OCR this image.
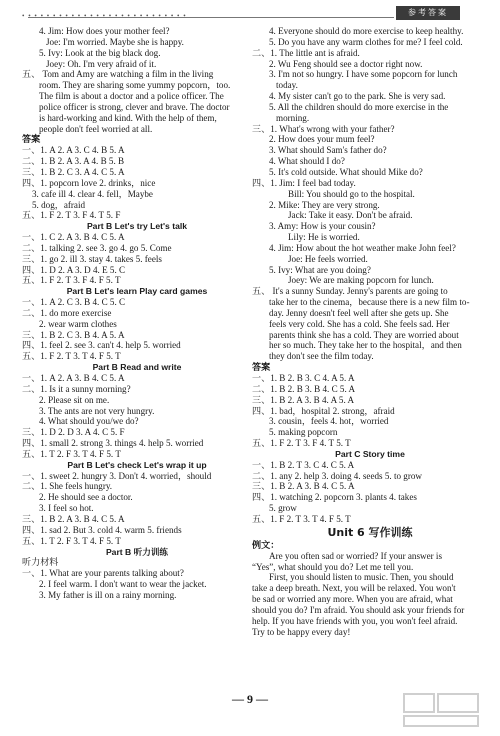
• • • • • • • • • • • • • • • • • • • • • • • • • • •	参考答案
4. Jim: How does your mother feel?
Joe: I'm worried. Maybe she is happy.
5. Ivy: Look at the big black dog.
Joey: Oh. I'm very afraid of it.
五、 Tom and Amy are watching a film in the living
room. They are sharing some yummy popcorn，too.
The film is about a doctor and a police officer. The
police officer is strong, clever and brave. The doctor
is hard-working and kind. With the help of them,
people don't feel worried at all.
答案
一、1. A 2. A 3. C 4. B 5. A
二、1. B 2. A 3. A 4. B 5. B
三、1. B 2. C 3. A 4. C 5. A
四、1. popcorn love 2. drinks，nice
3. cafe ill 4. clear 4. fell，Maybe
5. dog，afraid
五、1. F 2. T 3. F 4. T 5. F
Part B Let's try Let's talk
一、1. C 2. A 3. B 4. C 5. A
二、1. talking 2. see 3. go 4. go 5. Come
三、1. go 2. ill 3. stay 4. takes 5. feels
四、1. D 2. A 3. D 4. E 5. C
五、1. F 2. T 3. F 4. F 5. T
Part B Let's learn Play card games
一、1. A 2. C 3. B 4. C 5. C
二、1. do more exercise
2. wear warm clothes
三、1. B 2. C 3. B 4. A 5. A
四、1. feel 2. see 3. can't 4. help 5. worried
五、1. F 2. T 3. T 4. F 5. T
Part B Read and write
一、1. A 2. A 3. B 4. C 5. A
二、1. Is it a sunny morning?
2. Please sit on me.
3. The ants are not very hungry.
4. What should you/we do?
三、1. D 2. D 3. A 4. C 5. F
四、1. small 2. strong 3. things 4. help 5. worried
五、1. T 2. F 3. T 4. F 5. T
Part B Let's check Let's wrap it up
一、1. sweet 2. hungry 3. Don't 4. worried，should
二、1. She feels hungry.
2. He should see a doctor.
3. I feel so hot.
三、1. B 2. A 3. B 4. C 5. A
四、1. sad 2. But 3. cold 4. warm 5. friends
五、1. T 2. F 3. T 4. F 5. T
Part B 听力训练
听力材料
一、1. What are your parents talking about?
2. I feel warm. I don't want to wear the jacket.
3. My father is ill on a rainy morning.
4. Everyone should do more exercise to keep healthy.
5. Do you have any warm clothes for me? I feel cold.
二、1. The little ant is afraid.
2. Wu Feng should see a doctor right now.
3. I'm not so hungry. I have some popcorn for lunch
today.
4. My sister can't go to the park. She is very sad.
5. All the children should do more exercise in the
morning.
三、1. What's wrong with your father?
2. How does your mum feel?
3. What should Sam's father do?
4. What should I do?
5. It's cold outside. What should Mike do?
四、1. Jim: I feel bad today.
Bill: You should go to the hospital.
2. Mike: They are very strong.
Jack: Take it easy. Don't be afraid.
3. Amy: How is your cousin?
Lily: He is worried.
4. Jim: How about the hot weather make John feel?
Joe: He feels worried.
5. Ivy: What are you doing?
Joey: We are making popcorn for lunch.
五、 It's a sunny Sunday. Jenny's parents are going to
take her to the cinema，because there is a new film to-
day. Jenny doesn't feel well after she gets up. She
feels very cold. She has a cold. She feels sad. Her
parents think she has a cold. They are worried about
her so much. They take her to the hospital，and then
they don't see the film today.
答案
一、1. B 2. B 3. C 4. A 5. A
二、1. B 2. B 3. B 4. C 5. A
三、1. B 2. A 3. B 4. A 5. A
四、1. bad，hospital 2. strong，afraid
3. cousin，feels 4. hot，worried
5. making popcorn
五、1. F 2. T 3. F 4. T 5. T
Part C Story time
一、1. B 2. T 3. C 4. C 5. A
二、1. any 2. help 3. doing 4. seeds 5. to grow
三、1. B 2. A 3. B 4. C 5. A
四、1. watching 2. popcorn 3. plants 4. takes
5. grow
五、1. F 2. T 3. T 4. F 5. T
Unit 6 写作训练
例文：
Are you often sad or worried? If your answer is
“Yes”, what should you do? Let me tell you.
First, you should listen to music. Then, you should
take a deep breath. Next, you will be relaxed. You won't
be sad or worried any more. When you are afraid, what
should you do? I'm afraid. You should ask your friends for
help. If you have friends with you, you won't feel afraid.
Try to be happy every day!
— 9 —
